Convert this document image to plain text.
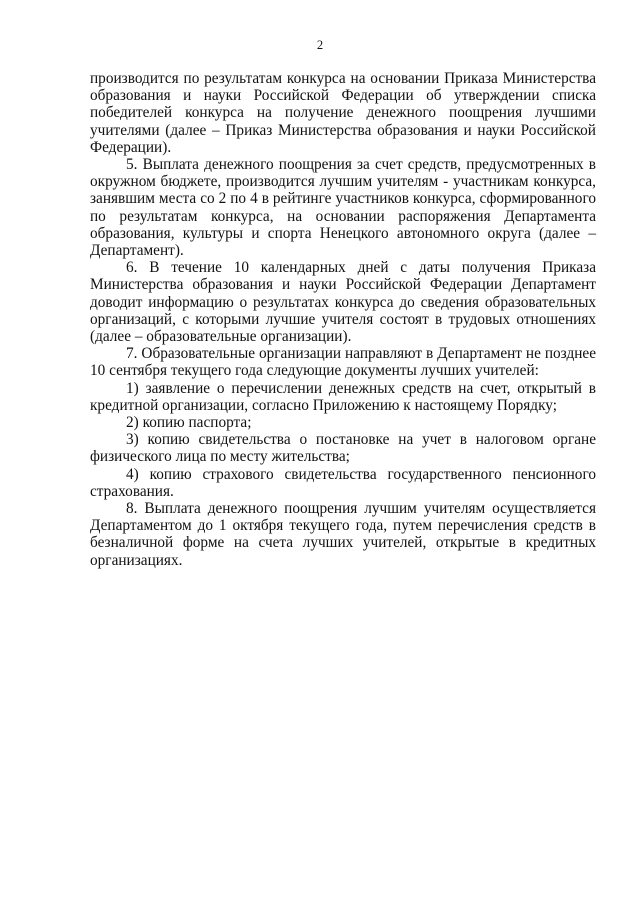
2

производится по результатам конкурса на основании Приказа Министерства образования и науки Российской Федерации об утверждении списка победителей конкурса на получение денежного поощрения лучшими учителями (далее – Приказ Министерства образования и науки Российской Федерации).

5. Выплата денежного поощрения за счет средств, предусмотренных в окружном бюджете, производится лучшим учителям - участникам конкурса, занявшим места со 2 по 4 в рейтинге участников конкурса, сформированного по результатам конкурса, на основании распоряжения Департамента образования, культуры и спорта Ненецкого автономного округа (далее – Департамент).

6. В течение 10 календарных дней с даты получения Приказа Министерства образования и науки Российской Федерации Департамент доводит информацию о результатах конкурса до сведения образовательных организаций, с которыми лучшие учителя состоят в трудовых отношениях (далее – образовательные организации).

7. Образовательные организации направляют в Департамент не позднее 10 сентября текущего года следующие документы лучших учителей:

1) заявление о перечислении денежных средств на счет, открытый в кредитной организации, согласно Приложению к настоящему Порядку;

2) копию паспорта;

3) копию свидетельства о постановке на учет в налоговом органе физического лица по месту жительства;

4) копию страхового свидетельства государственного пенсионного страхования.

8. Выплата денежного поощрения лучшим учителям осуществляется Департаментом до 1 октября текущего года, путем перечисления средств в безналичной форме на счета лучших учителей, открытые в кредитных организациях.
